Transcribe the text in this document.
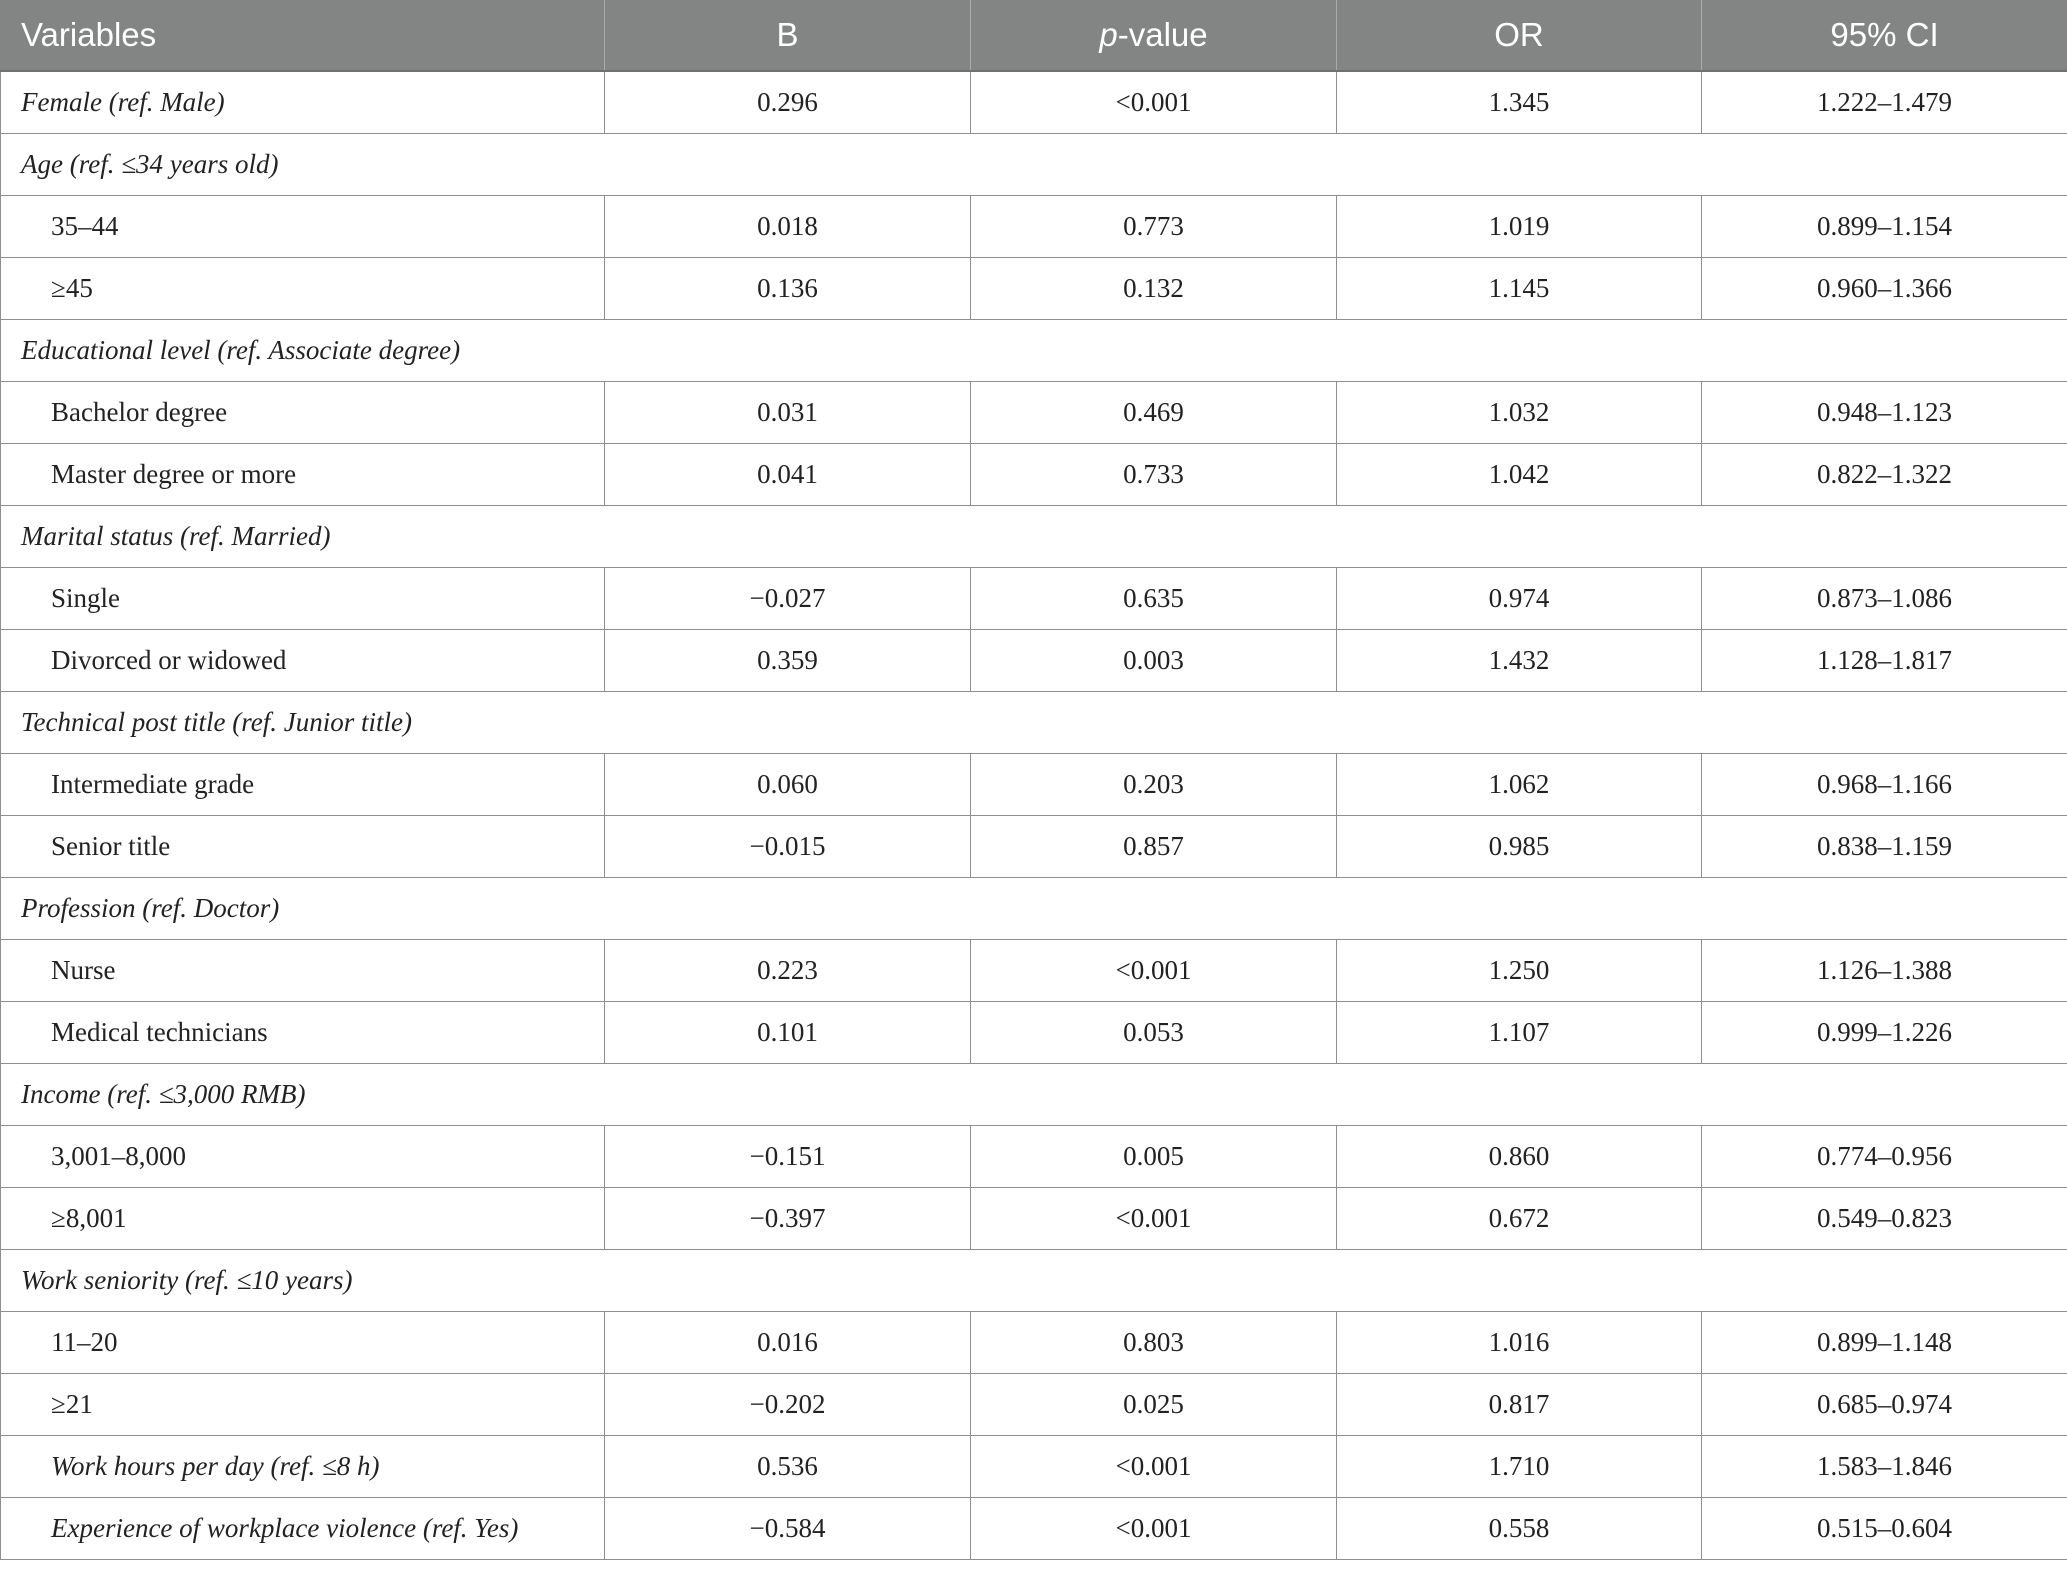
Variables	B	p-value	OR	95% CI
Female (ref. Male)	0.296	<0.001	1.345	1.222–1.479
Age (ref. ≤34 years old)				
35–44	0.018	0.773	1.019	0.899–1.154
≥45	0.136	0.132	1.145	0.960–1.366
Educational level (ref. Associate degree)				
Bachelor degree	0.031	0.469	1.032	0.948–1.123
Master degree or more	0.041	0.733	1.042	0.822–1.322
Marital status (ref. Married)				
Single	−0.027	0.635	0.974	0.873–1.086
Divorced or widowed	0.359	0.003	1.432	1.128–1.817
Technical post title (ref. Junior title)				
Intermediate grade	0.060	0.203	1.062	0.968–1.166
Senior title	−0.015	0.857	0.985	0.838–1.159
Profession (ref. Doctor)				
Nurse	0.223	<0.001	1.250	1.126–1.388
Medical technicians	0.101	0.053	1.107	0.999–1.226
Income (ref. ≤3,000 RMB)				
3,001–8,000	−0.151	0.005	0.860	0.774–0.956
≥8,001	−0.397	<0.001	0.672	0.549–0.823
Work seniority (ref. ≤10 years)				
11–20	0.016	0.803	1.016	0.899–1.148
≥21	−0.202	0.025	0.817	0.685–0.974
Work hours per day (ref. ≤8 h)	0.536	<0.001	1.710	1.583–1.846
Experience of workplace violence (ref. Yes)	−0.584	<0.001	0.558	0.515–0.604
